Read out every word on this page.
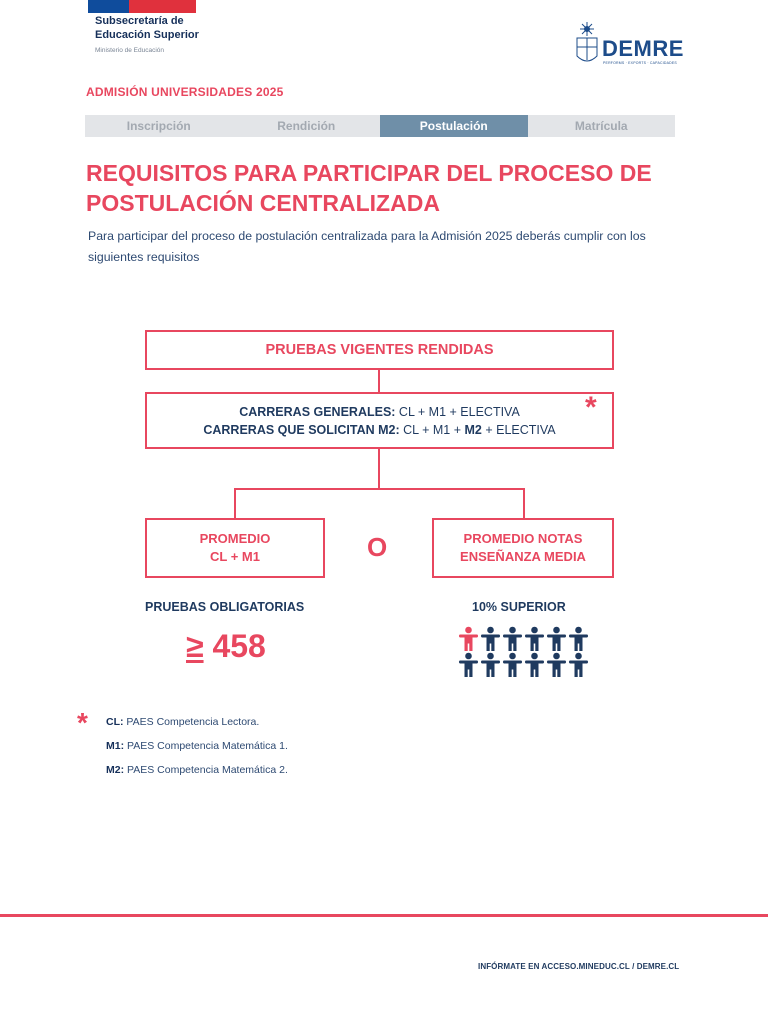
Subsecretaría de
Educación Superior
Ministerio de Educación	DEMRE
PERFORMS · EXPORTS · CAPACIDADES
ADMISIÓN UNIVERSIDADES 2025
Inscripción	Rendición	Postulación	Matrícula
REQUISITOS PARA PARTICIPAR DEL PROCESO DE
POSTULACIÓN CENTRALIZADA
Para participar del proceso de postulación centralizada para la Admisión 2025 deberás cumplir con los siguientes requisitos
PRUEBAS VIGENTES RENDIDAS
CARRERAS GENERALES: CL + M1 + ELECTIVA
CARRERAS QUE SOLICITAN M2: CL + M1 + M2 + ELECTIVA
*
PROMEDIO
CL + M1	O	PROMEDIO NOTAS
ENSEÑANZA MEDIA
PRUEBAS OBLIGATORIAS
≥ 458
10% SUPERIOR
* CL: PAES Competencia Lectora.
M1: PAES Competencia Matemática 1.
M2: PAES Competencia Matemática 2.
INFÓRMATE EN ACCESO.MINEDUC.CL / DEMRE.CL
